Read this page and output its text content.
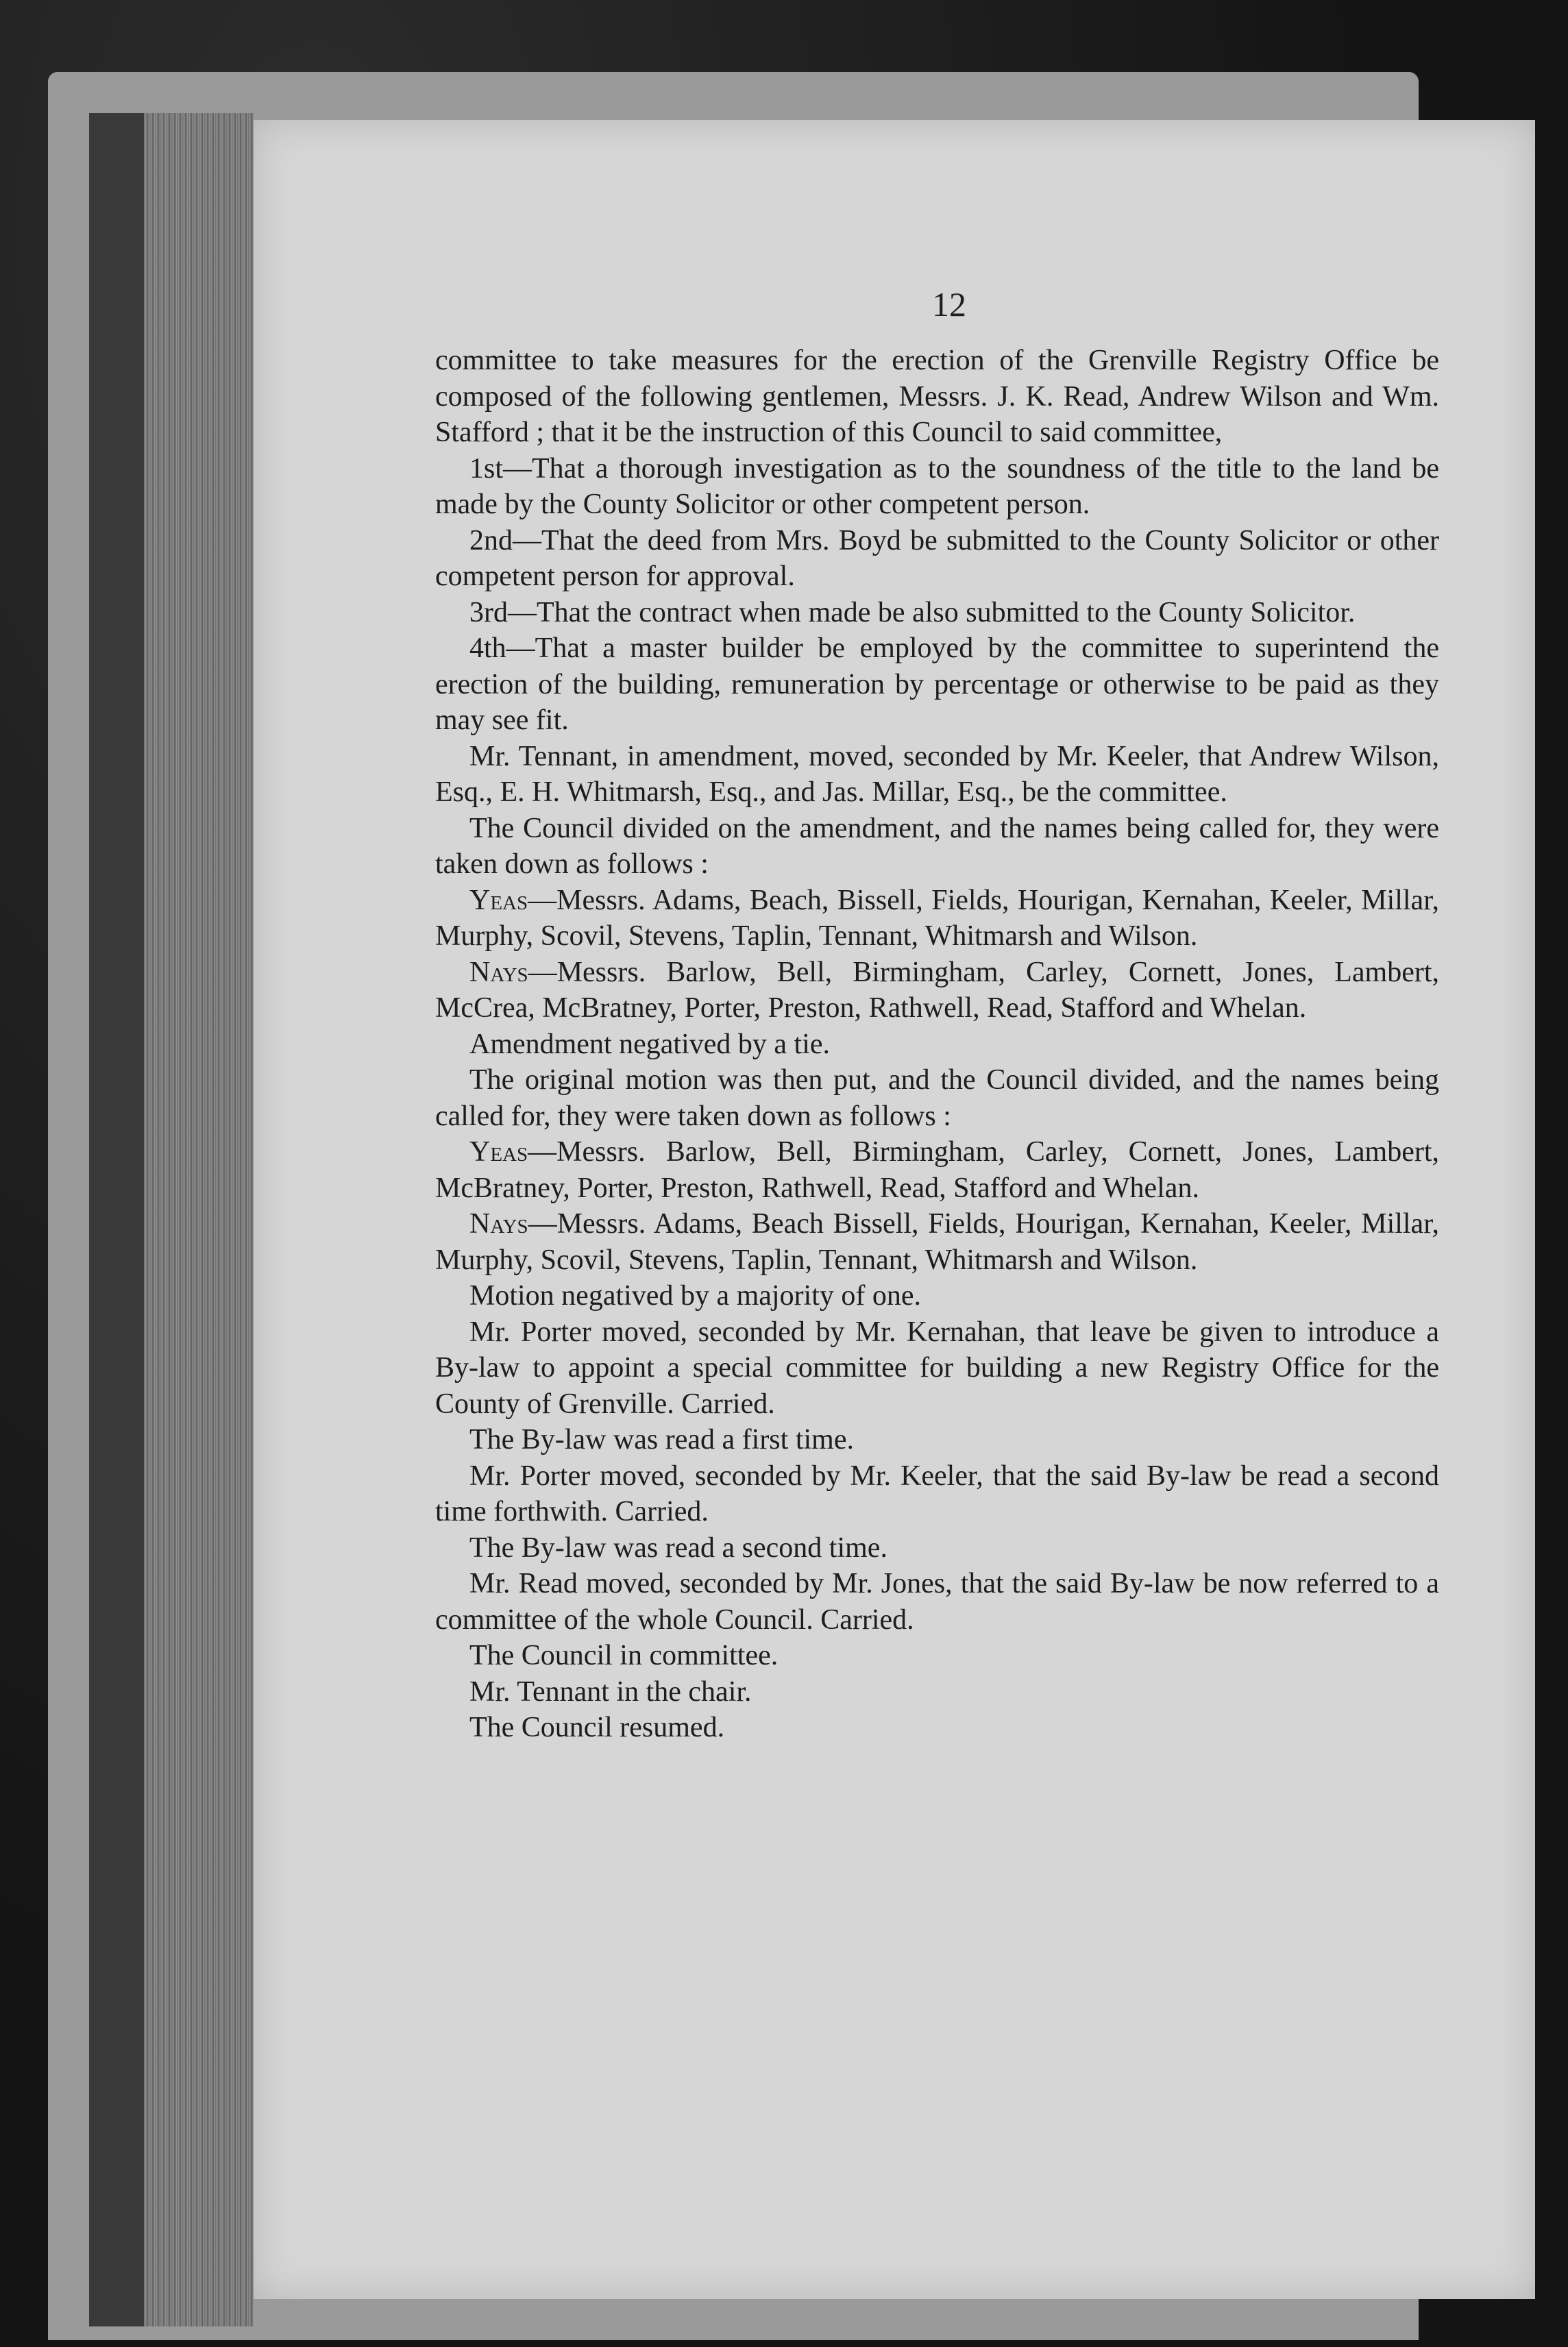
12

committee to take measures for the erection of the Grenville Registry Office be composed of the following gentlemen, Messrs. J. K. Read, Andrew Wilson and Wm. Stafford ; that it be the instruction of this Council to said committee,

1st—That a thorough investigation as to the soundness of the title to the land be made by the County Solicitor or other competent person.

2nd—That the deed from Mrs. Boyd be submitted to the County Solicitor or other competent person for approval.

3rd—That the contract when made be also submitted to the County Solicitor.

4th—That a master builder be employed by the committee to superintend the erection of the building, remuneration by percentage or otherwise to be paid as they may see fit.

Mr. Tennant, in amendment, moved, seconded by Mr. Keeler, that Andrew Wilson, Esq., E. H. Whitmarsh, Esq., and Jas. Millar, Esq., be the committee.

The Council divided on the amendment, and the names being called for, they were taken down as follows :

Yeas—Messrs. Adams, Beach, Bissell, Fields, Hourigan, Kernahan, Keeler, Millar, Murphy, Scovil, Stevens, Taplin, Tennant, Whitmarsh and Wilson.

Nays—Messrs. Barlow, Bell, Birmingham, Carley, Cornett, Jones, Lambert, McCrea, McBratney, Porter, Preston, Rathwell, Read, Stafford and Whelan.

Amendment negatived by a tie.

The original motion was then put, and the Council divided, and the names being called for, they were taken down as follows :

Yeas—Messrs. Barlow, Bell, Birmingham, Carley, Cornett, Jones, Lambert, McBratney, Porter, Preston, Rathwell, Read, Stafford and Whelan.

Nays—Messrs. Adams, Beach Bissell, Fields, Hourigan, Kernahan, Keeler, Millar, Murphy, Scovil, Stevens, Taplin, Tennant, Whitmarsh and Wilson.

Motion negatived by a majority of one.

Mr. Porter moved, seconded by Mr. Kernahan, that leave be given to introduce a By-law to appoint a special committee for building a new Registry Office for the County of Grenville. Carried.

The By-law was read a first time.

Mr. Porter moved, seconded by Mr. Keeler, that the said By-law be read a second time forthwith. Carried.

The By-law was read a second time.

Mr. Read moved, seconded by Mr. Jones, that the said By-law be now referred to a committee of the whole Council. Carried.

The Council in committee.

Mr. Tennant in the chair.

The Council resumed.
